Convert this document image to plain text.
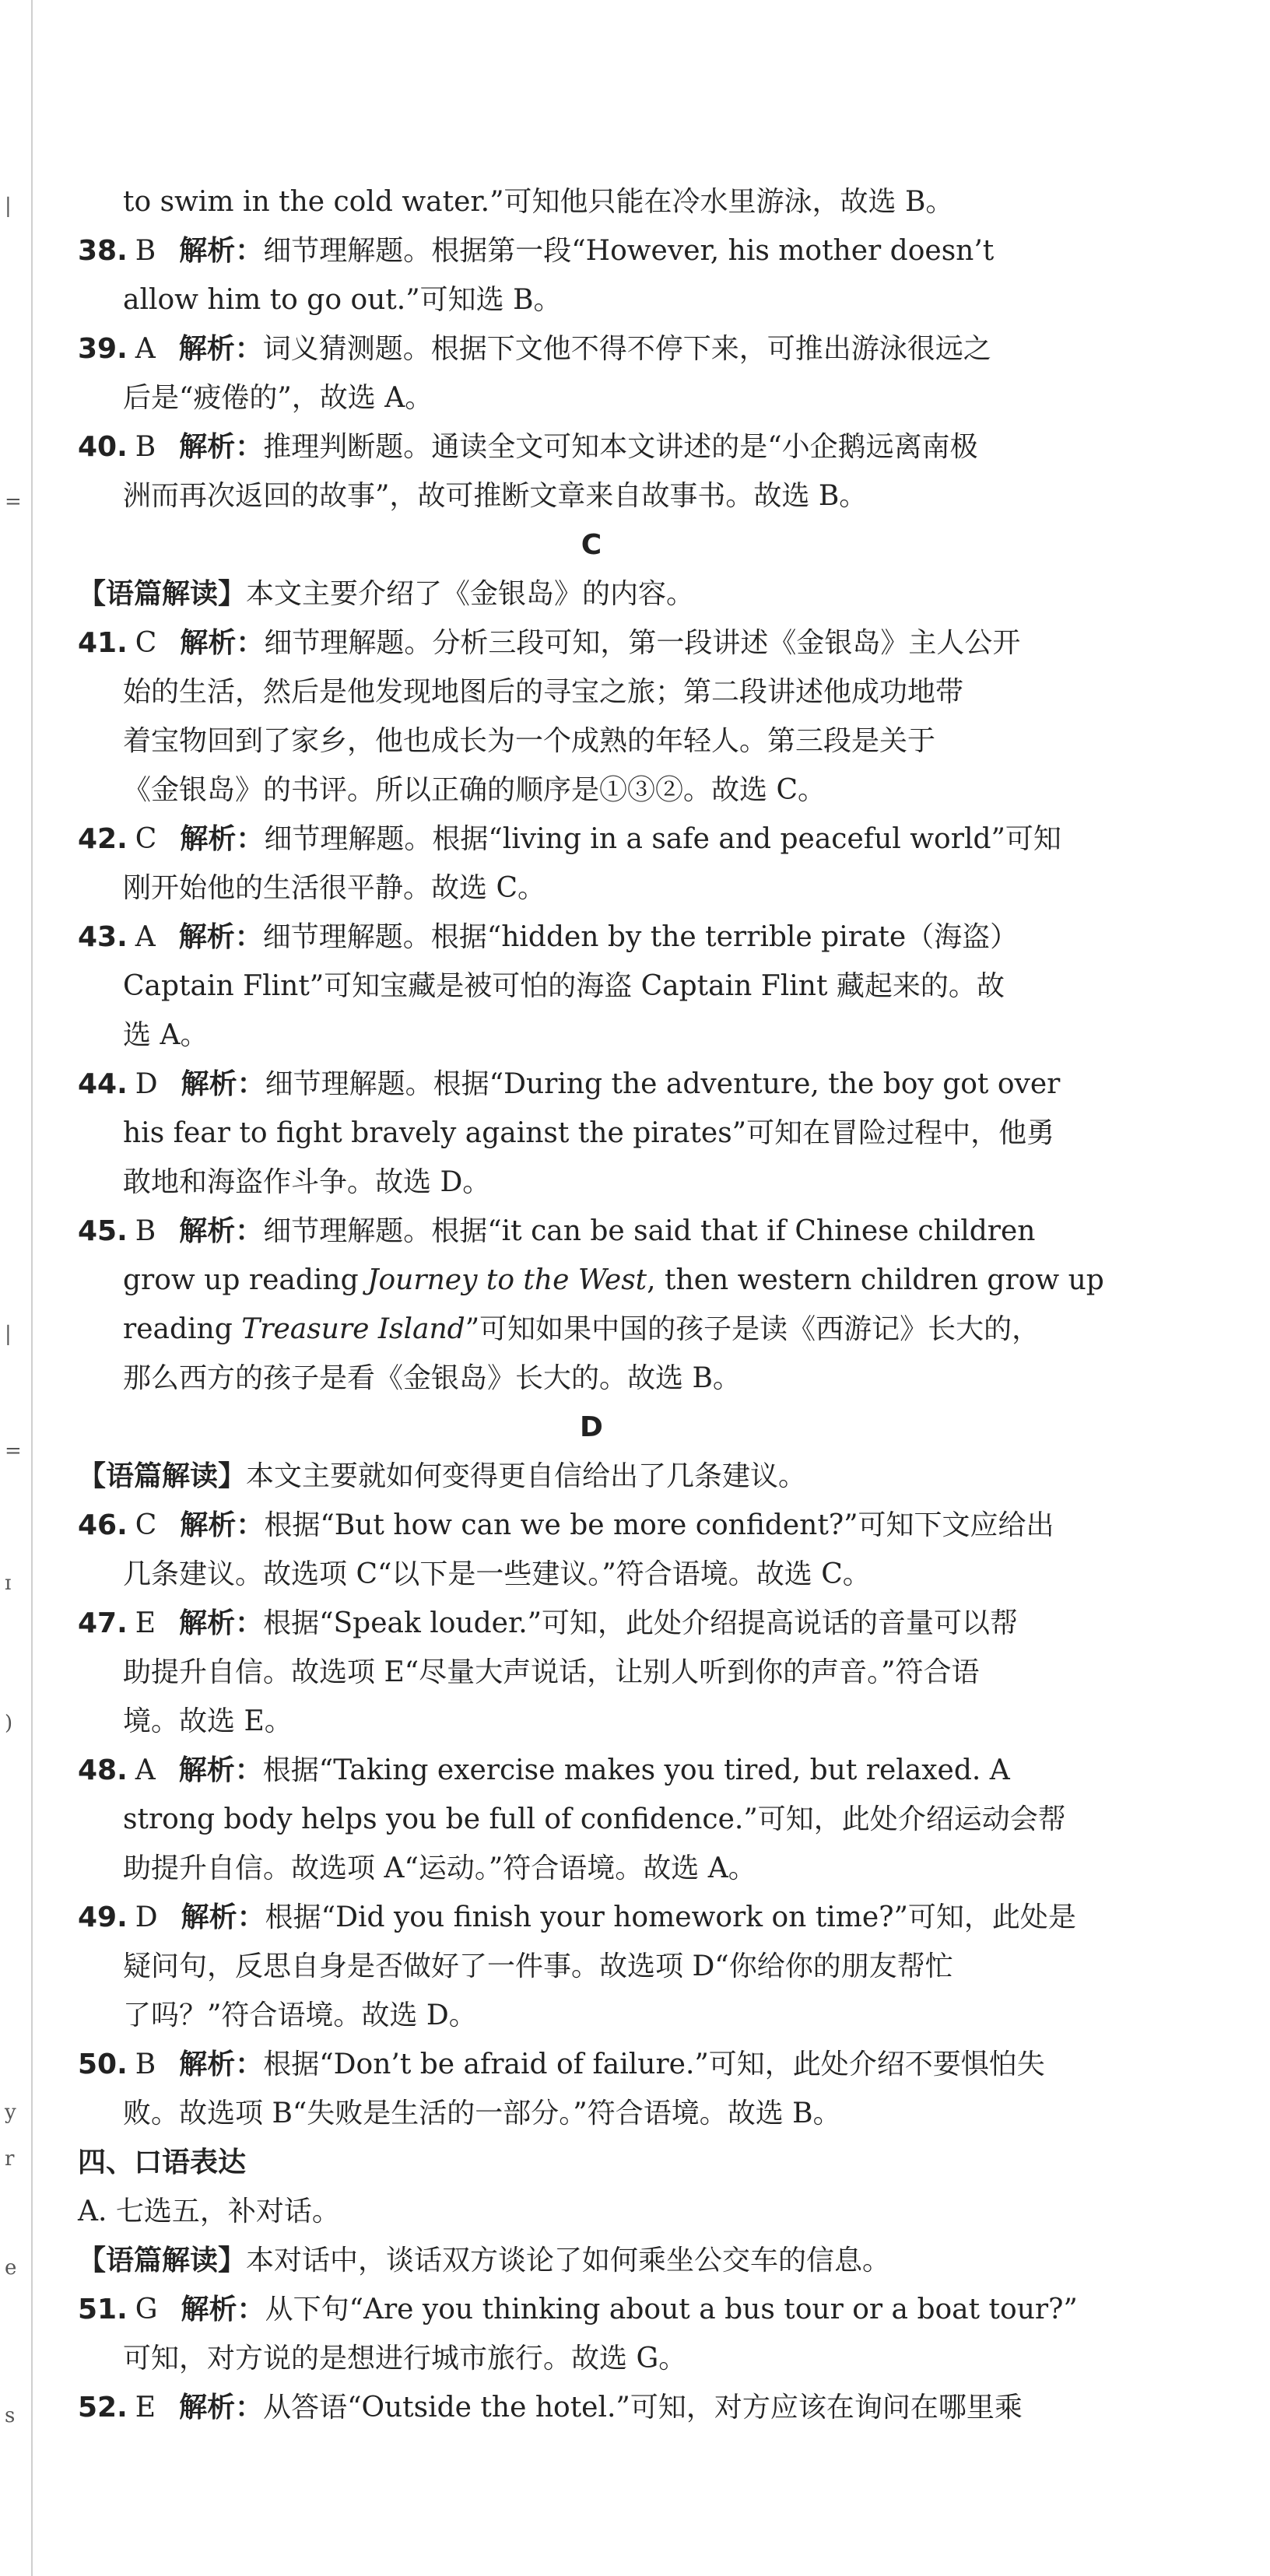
|
=
|
=
ɪ
)
e
s
y
r
to swim in the cold water.”可知他只能在冷水里游泳，故选 B。
38. B 解析：细节理解题。根据第一段“However, his mother doesn’t
allow him to go out.”可知选 B。
39. A 解析：词义猜测题。根据下文他不得不停下来，可推出游泳很远之
后是“疲倦的”，故选 A。
40. B 解析：推理判断题。通读全文可知本文讲述的是“小企鹅远离南极
洲而再次返回的故事”，故可推断文章来自故事书。故选 B。
C
【语篇解读】本文主要介绍了《金银岛》的内容。
41. C 解析：细节理解题。分析三段可知，第一段讲述《金银岛》主人公开
始的生活，然后是他发现地图后的寻宝之旅；第二段讲述他成功地带
着宝物回到了家乡，他也成长为一个成熟的年轻人。第三段是关于
《金银岛》的书评。所以正确的顺序是①③②。故选 C。
42. C 解析：细节理解题。根据“living in a safe and peaceful world”可知
刚开始他的生活很平静。故选 C。
43. A 解析：细节理解题。根据“hidden by the terrible pirate（海盗）
Captain Flint”可知宝藏是被可怕的海盗 Captain Flint 藏起来的。故
选 A。
44. D 解析：细节理解题。根据“During the adventure, the boy got over
his fear to fight bravely against the pirates”可知在冒险过程中，他勇
敢地和海盗作斗争。故选 D。
45. B 解析：细节理解题。根据“it can be said that if Chinese children
grow up reading Journey to the West, then western children grow up
reading Treasure Island”可知如果中国的孩子是读《西游记》长大的，
那么西方的孩子是看《金银岛》长大的。故选 B。
D
【语篇解读】本文主要就如何变得更自信给出了几条建议。
46. C 解析：根据“But how can we be more confident?”可知下文应给出
几条建议。故选项 C“以下是一些建议。”符合语境。故选 C。
47. E 解析：根据“Speak louder.”可知，此处介绍提高说话的音量可以帮
助提升自信。故选项 E“尽量大声说话，让别人听到你的声音。”符合语
境。故选 E。
48. A 解析：根据“Taking exercise makes you tired, but relaxed. A
strong body helps you be full of confidence.”可知，此处介绍运动会帮
助提升自信。故选项 A“运动。”符合语境。故选 A。
49. D 解析：根据“Did you finish your homework on time?”可知，此处是
疑问句，反思自身是否做好了一件事。故选项 D“你给你的朋友帮忙
了吗？”符合语境。故选 D。
50. B 解析：根据“Don’t be afraid of failure.”可知，此处介绍不要惧怕失
败。故选项 B“失败是生活的一部分。”符合语境。故选 B。
四、口语表达
A. 七选五，补对话。
【语篇解读】本对话中，谈话双方谈论了如何乘坐公交车的信息。
51. G 解析：从下句“Are you thinking about a bus tour or a boat tour?”
可知，对方说的是想进行城市旅行。故选 G。
52. E 解析：从答语“Outside the hotel.”可知，对方应该在询问在哪里乘
